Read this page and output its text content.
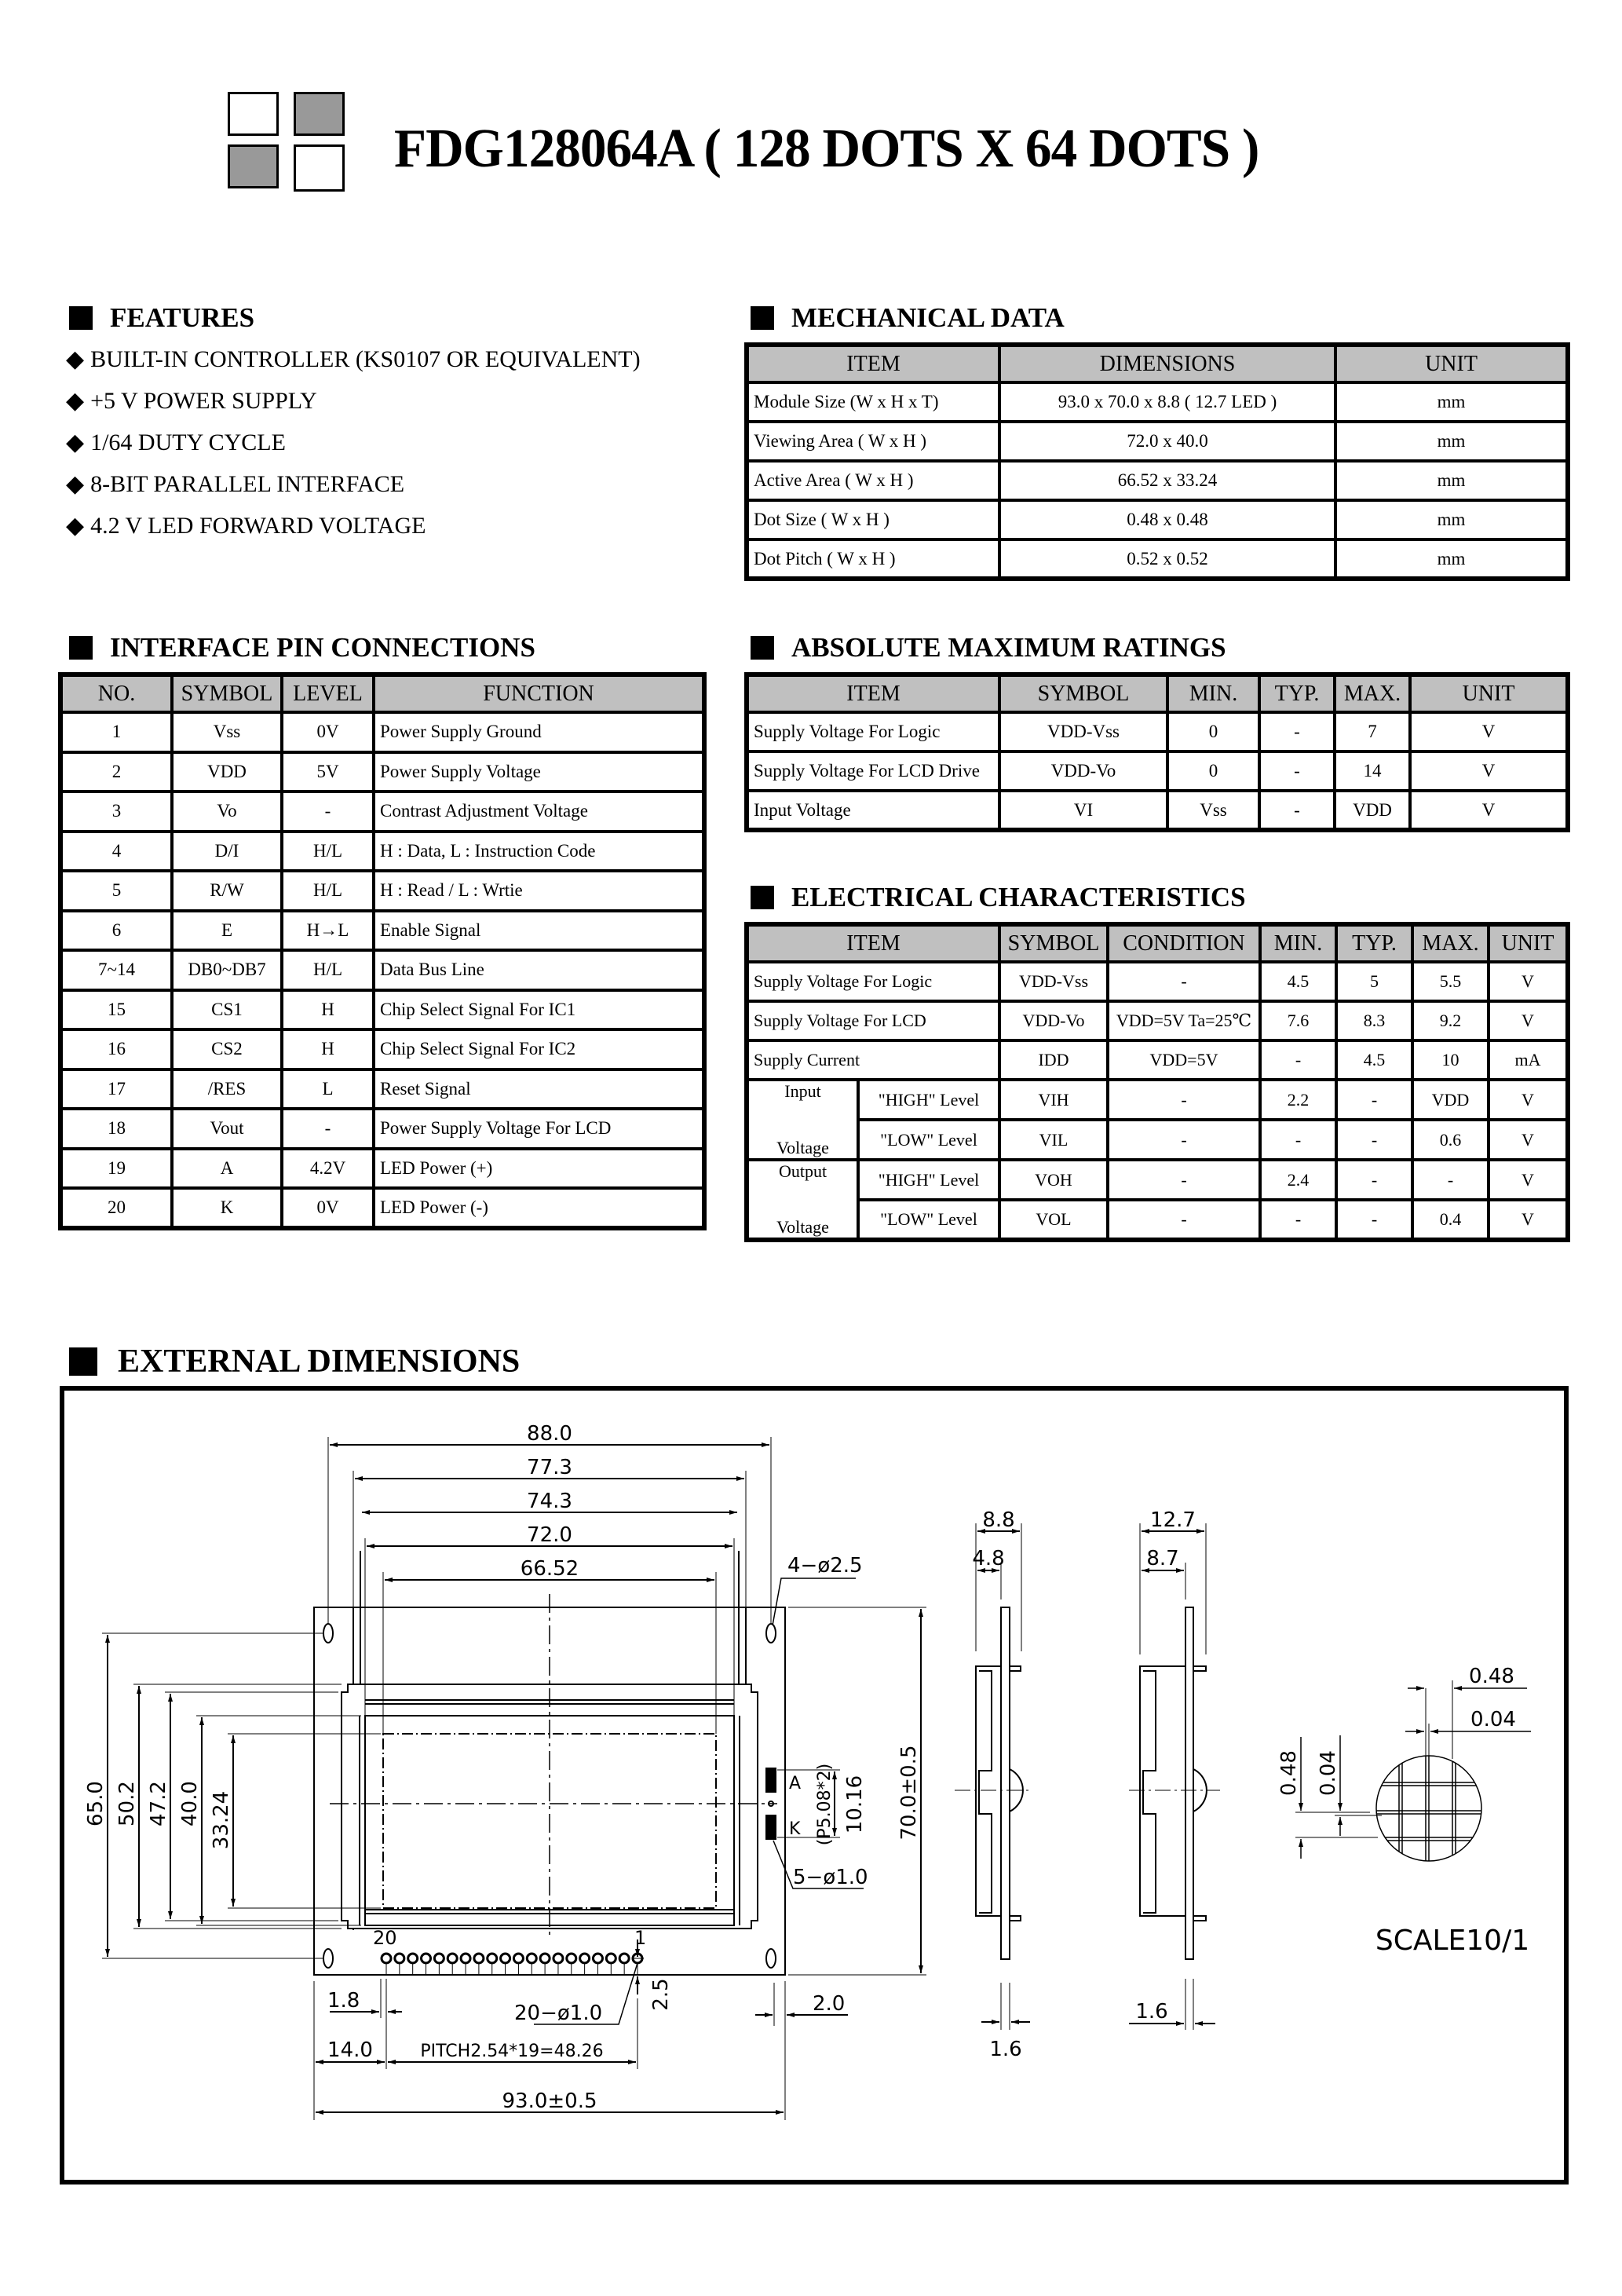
FDG128064A ( 128 DOTS X 64 DOTS )
FEATURES
◆ BUILT-IN CONTROLLER (KS0107 OR EQUIVALENT)
◆ +5 V POWER SUPPLY
◆ 1/64 DUTY CYCLE
◆ 8-BIT PARALLEL INTERFACE
◆ 4.2 V LED FORWARD VOLTAGE
MECHANICAL DATA
ITEM	DIMENSIONS	UNIT
Module Size (W x H x T)	93.0 x 70.0 x 8.8 ( 12.7 LED )	mm
Viewing Area ( W x H )	72.0 x 40.0	mm
Active Area ( W x H )	66.52 x 33.24	mm
Dot Size ( W x H )	0.48 x 0.48	mm
Dot Pitch ( W x H )	0.52 x 0.52	mm
INTERFACE PIN CONNECTIONS
NO.	SYMBOL	LEVEL	FUNCTION
1	Vss	0V	Power Supply Ground
2	VDD	5V	Power Supply Voltage
3	Vo	-	Contrast Adjustment Voltage
4	D/I	H/L	H : Data, L : Instruction Code
5	R/W	H/L	H : Read / L : Wrtie
6	E	H→L	Enable Signal
7~14	DB0~DB7	H/L	Data Bus Line
15	CS1	H	Chip Select Signal For IC1
16	CS2	H	Chip Select Signal For IC2
17	/RES	L	Reset Signal
18	Vout	-	Power Supply Voltage For LCD
19	A	4.2V	LED Power (+)
20	K	0V	LED Power (-)
ABSOLUTE MAXIMUM RATINGS
ITEM	SYMBOL	MIN.	TYP.	MAX.	UNIT
Supply Voltage For Logic	VDD-Vss	0	-	7	V
Supply Voltage For LCD Drive	VDD-Vo	0	-	14	V
Input Voltage	VI	Vss	-	VDD	V
ELECTRICAL CHARACTERISTICS
ITEM		SYMBOL	CONDITION	MIN.	TYP.	MAX.	UNIT
Supply Voltage For Logic		VDD-Vss	-	4.5	5	5.5	V
Supply Voltage For LCD		VDD-Vo	VDD=5V Ta=25℃	7.6	8.3	9.2	V
Supply Current		IDD	VDD=5V	-	4.5	10	mA
Input	"HIGH" Level	VIH	-	2.2	-	VDD	V
Voltage	"LOW" Level	VIL	-	-	-	0.6	V
Output	"HIGH" Level	VOH	-	2.4	-	-	V
Voltage	"LOW" Level	VOL	-	-	-	0.4	V
EXTERNAL DIMENSIONS
88.0
77.3
74.3
72.0
66.52	4−ø2.5
65.0 50.2 47.2 40.0 33.24	(P5.08*2) 10.16 70.0±0.5
A
K
5−ø1.0
20	1
1.8
20−ø1.0
2.5	2.0
14.0	PITCH2.54*19=48.26
93.0±0.5
8.8
4.8
1.6
12.7
8.7
1.6
0.48
0.04
0.48 0.04
SCALE10/1
